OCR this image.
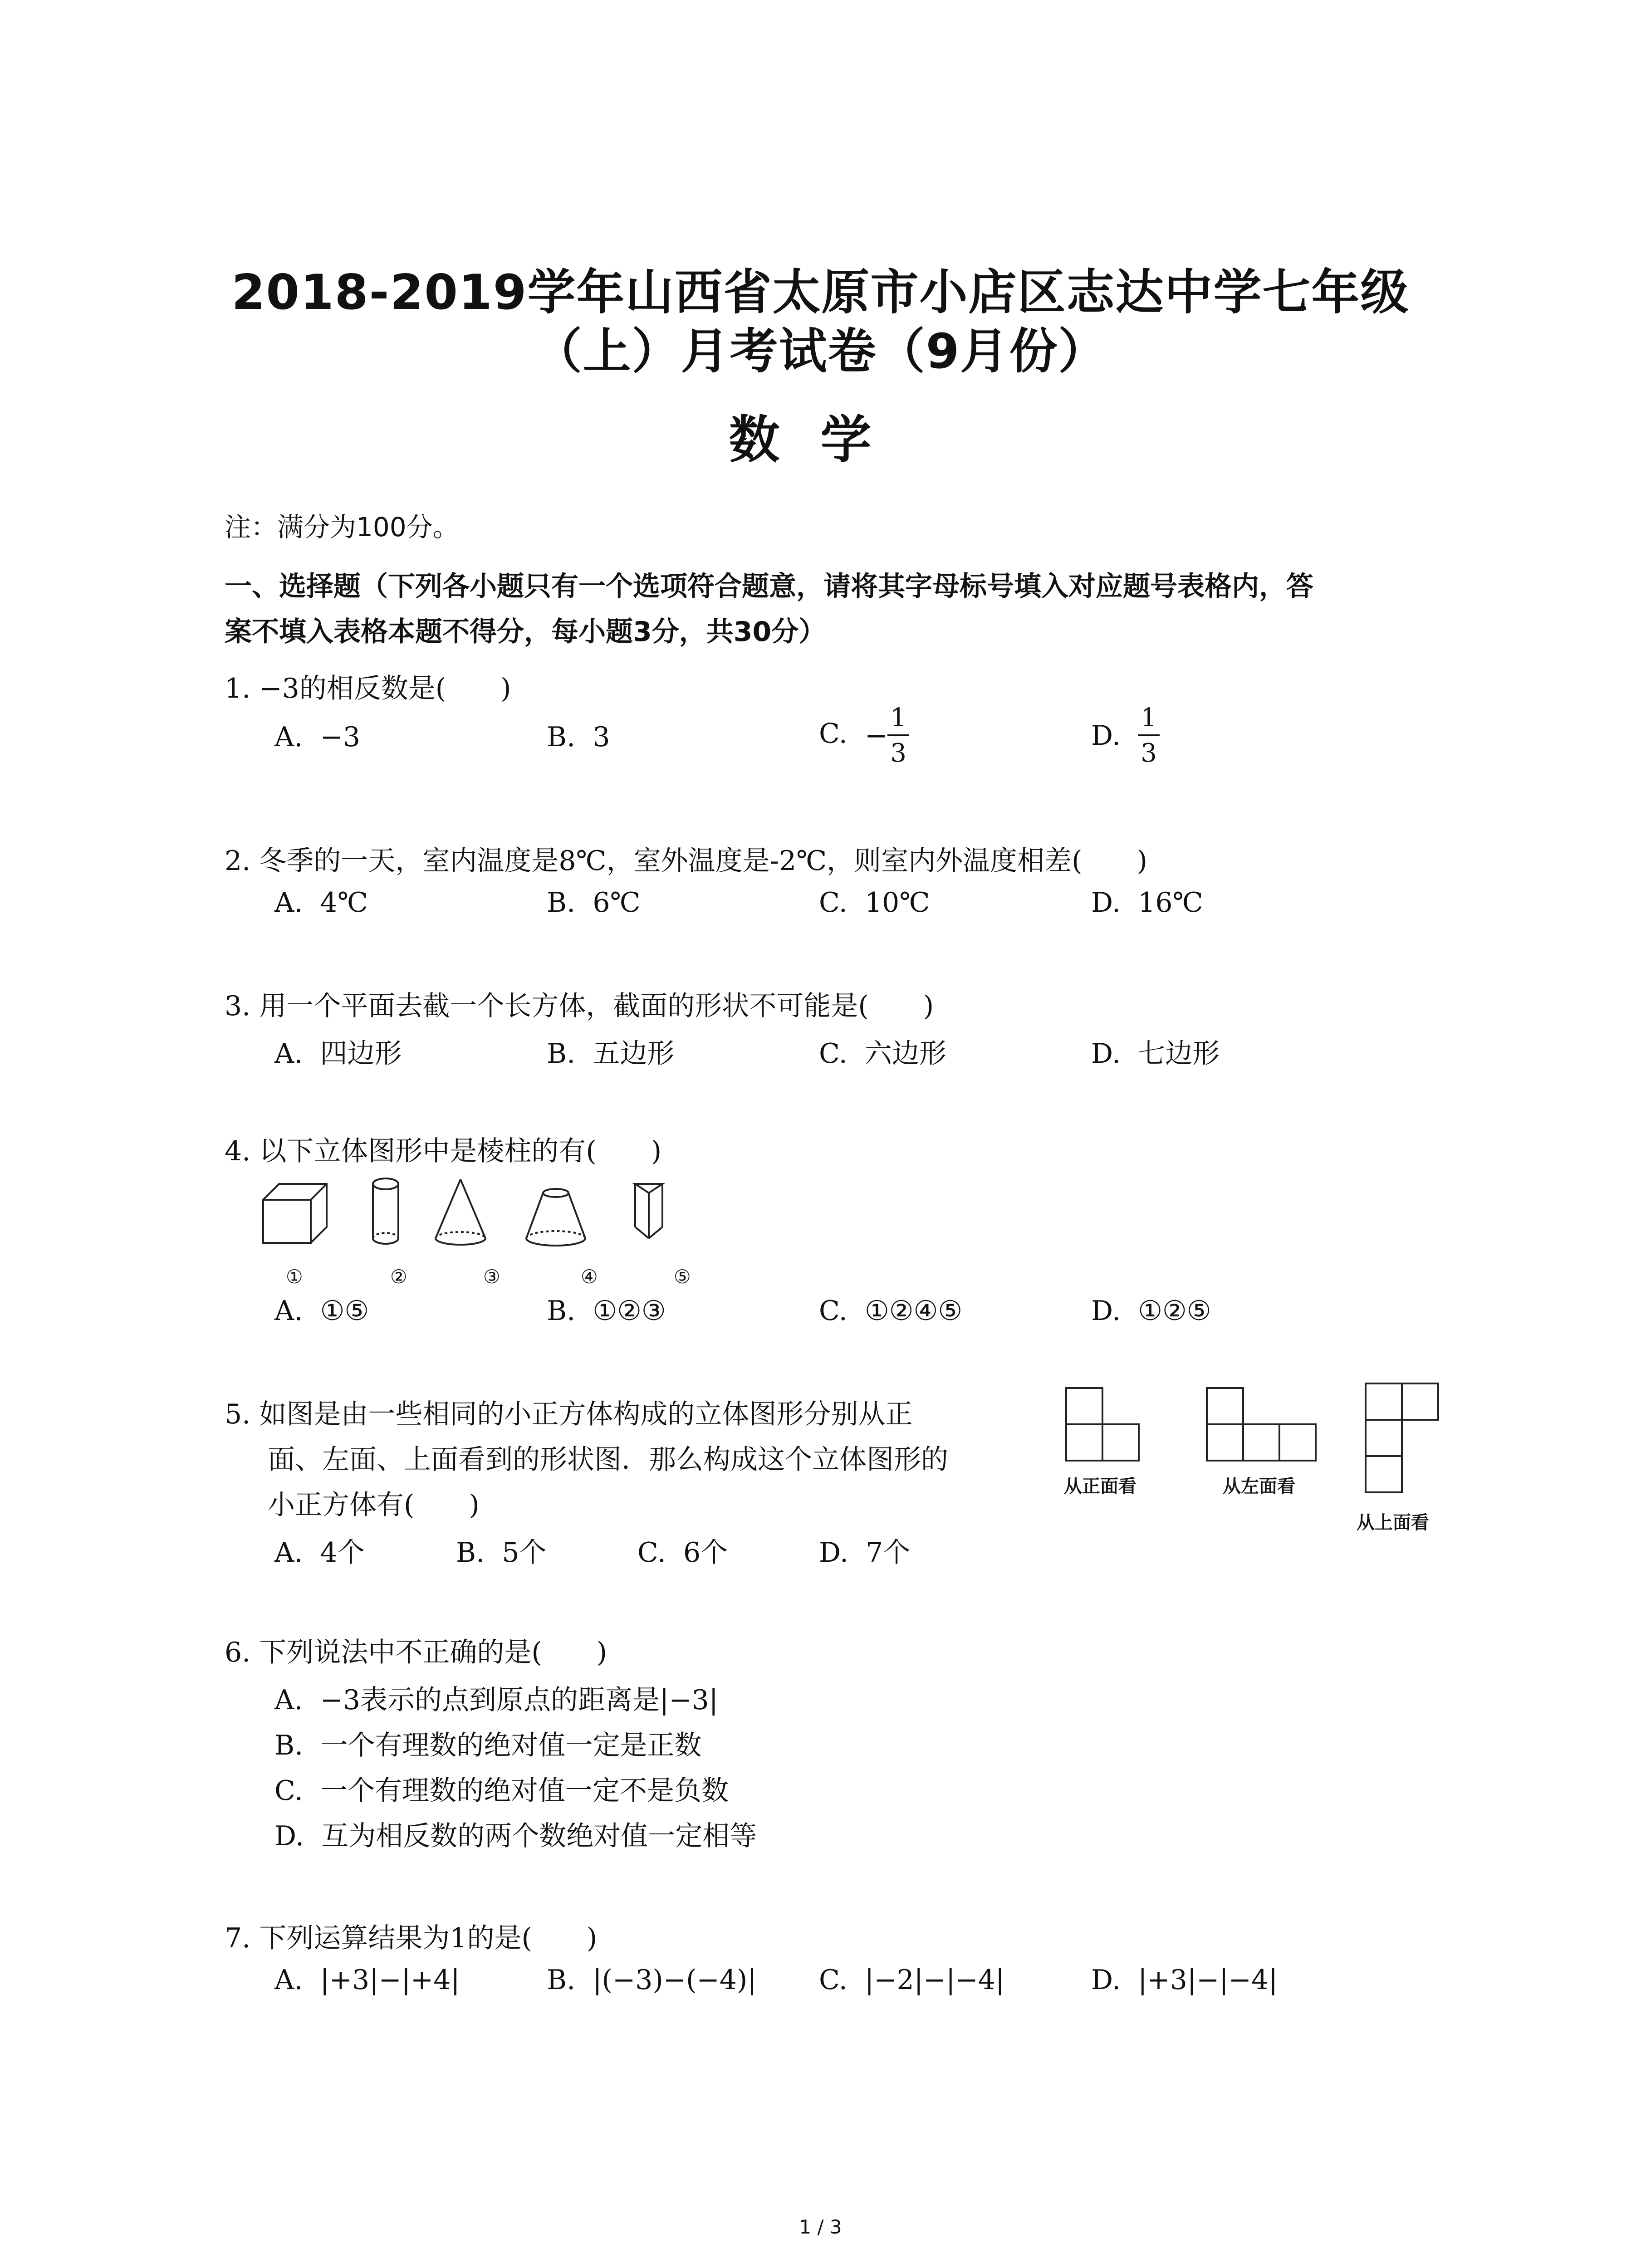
2018-2019学年山西省太原市小店区志达中学七年级
（上）月考试卷（9月份）
数学
注：满分为100分。
一、选择题（下列各小题只有一个选项符合题意，请将其字母标号填入对应题号表格内，答
案不填入表格本题不得分，每小题3分，共30分）
1. −3的相反数是(　　)
A. −3	B. 3	C. − $\frac{1}{3}$	D. $\frac{1}{3}$
2. 冬季的一天，室内温度是8℃，室外温度是-2℃，则室内外温度相差(　　)
A. 4℃	B. 6℃	C. 10℃	D. 16℃
3. 用一个平面去截一个长方体，截面的形状不可能是(　　)
A. 四边形	B. 五边形	C. 六边形	D. 七边形
4. 以下立体图形中是棱柱的有(　　)
①	②	③	④	⑤
A. ①⑤	B. ①②③	C. ①②④⑤	D. ①②⑤
5. 如图是由一些相同的小正方体构成的立体图形分别从正
面、左面、上面看到的形状图．那么构成这个立体图形的
小正方体有(　　)
从正面看	从左面看
从上面看
A. 4个	B. 5个	C. 6个	D. 7个
6. 下列说法中不正确的是(　　)
A. −3表示的点到原点的距离是|−3|
B. 一个有理数的绝对值一定是正数
C. 一个有理数的绝对值一定不是负数
D. 互为相反数的两个数绝对值一定相等
7. 下列运算结果为1的是(　　)
A. |+3|−|+4|	B. |(−3)−(−4)| C. |−2|−|−4|	D. |+3|−|−4|
1 / 3
